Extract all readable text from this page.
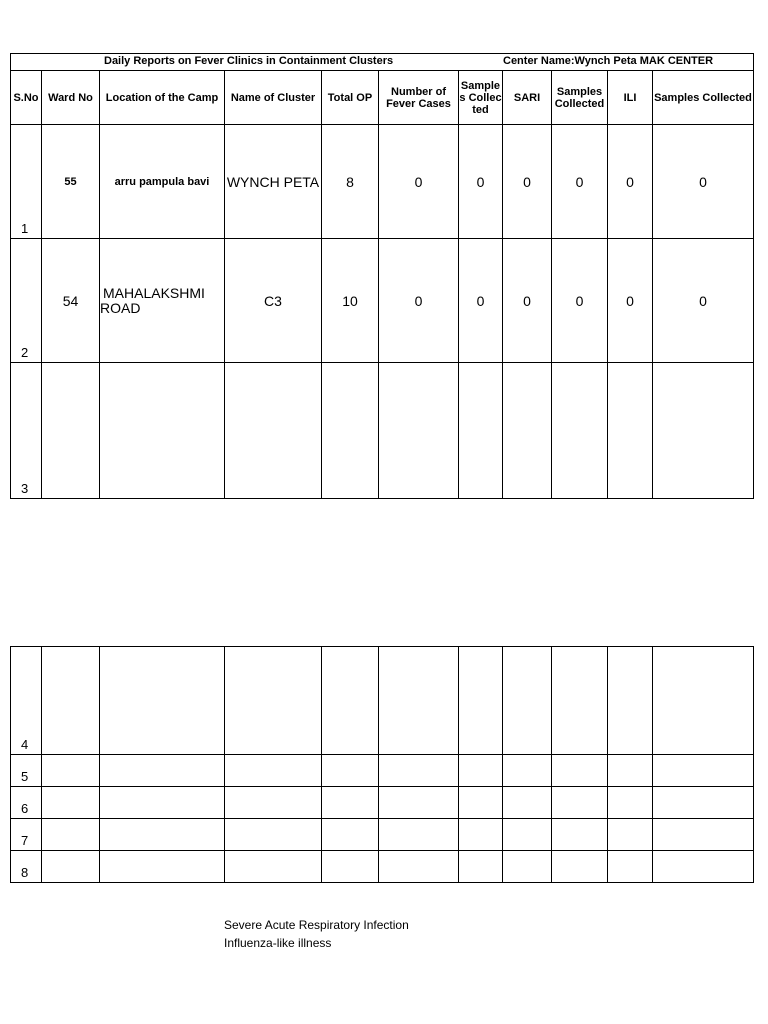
Daily Reports on Fever Clinics in Containment Clusters Center Name:Wynch Peta MAK CENTER										

S.No	Ward No	Location of the Camp	Name of Cluster	Total OP	Number of Fever Cases	Samples Collected	SARI	Samples Collected	ILI	Samples Collected
1	55	arru pampula bavi	WYNCH PETA	8	0	0	0	0	0	0
2	54	MAHALAKSHMI ROAD	C3	10	0	0	0	0	0	0
3										
4										
5										
6										
7										
8										
Severe Acute Respiratory Infection
Influenza-like illness
